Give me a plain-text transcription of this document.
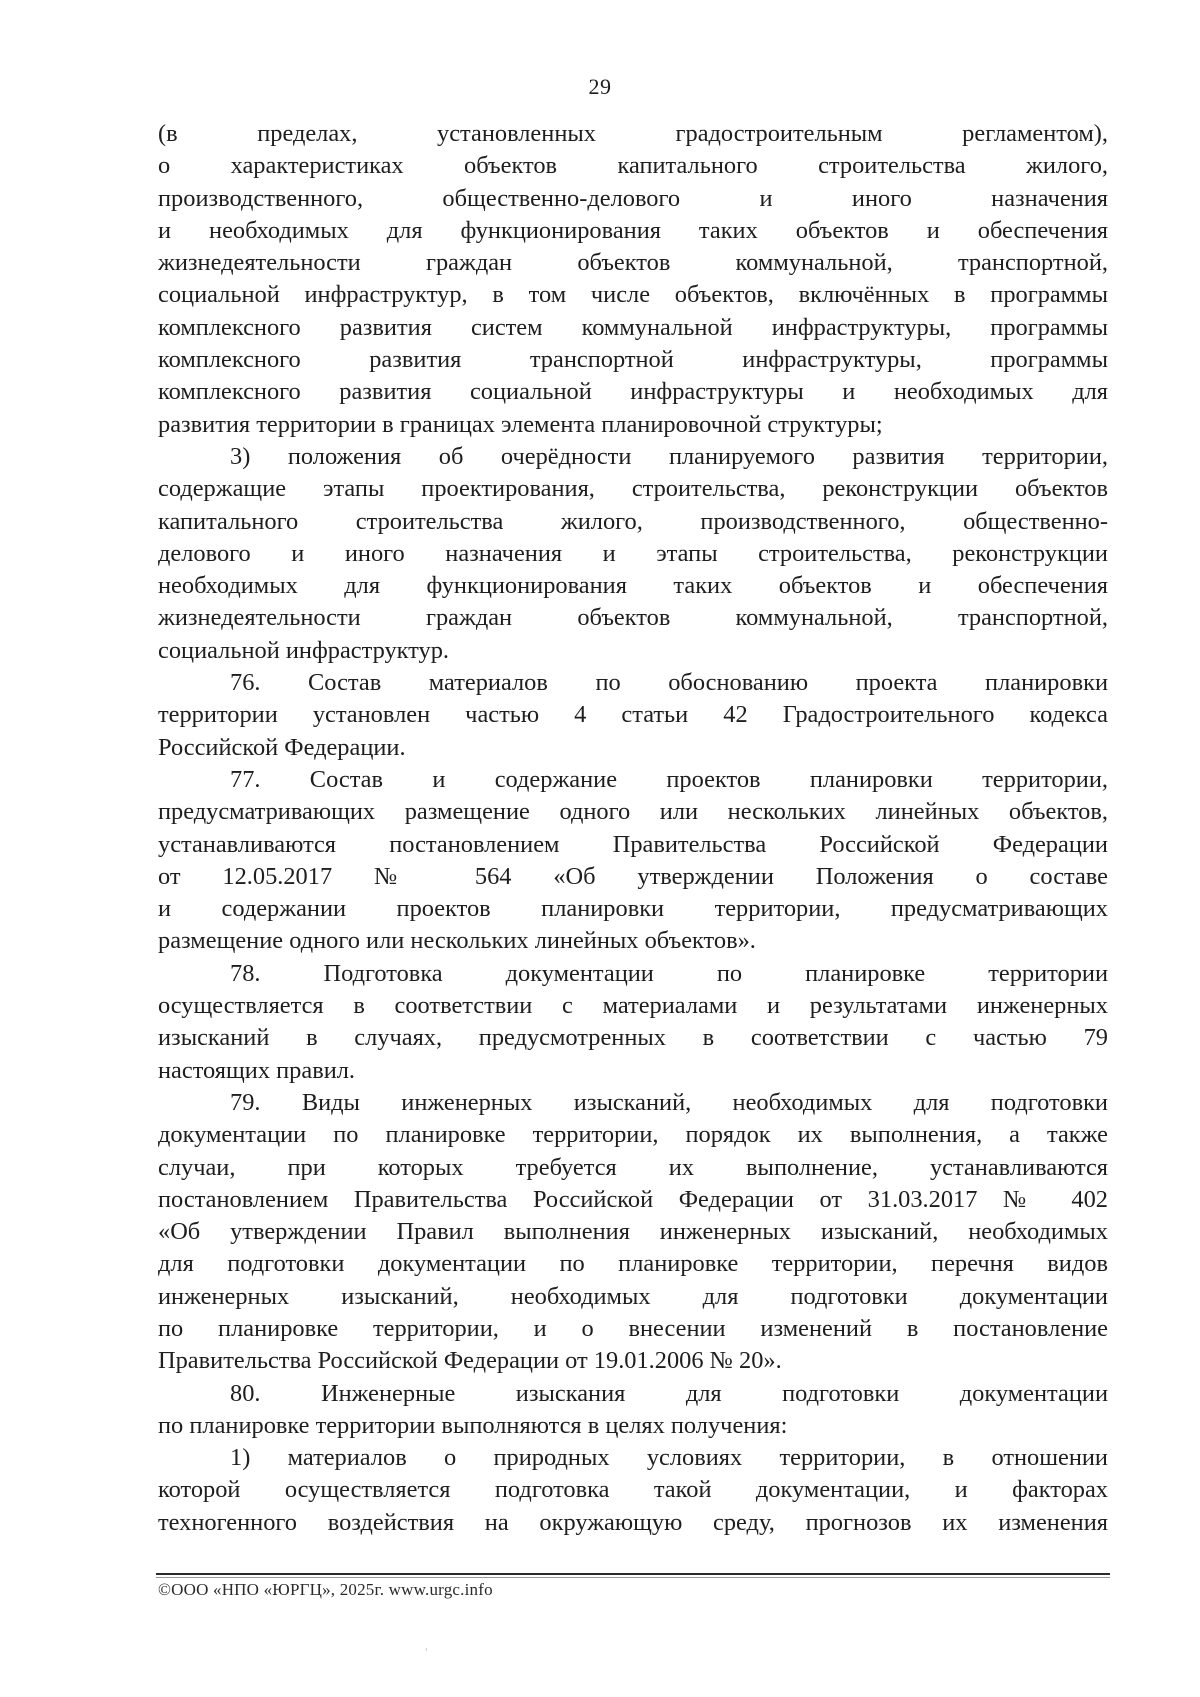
29
(в пределах, установленных градостроительным регламентом),
о характеристиках объектов капитального строительства жилого,
производственного, общественно-делового и иного назначения
и необходимых для функционирования таких объектов и обеспечения
жизнедеятельности граждан объектов коммунальной, транспортной,
социальной инфраструктур, в том числе объектов, включённых в программы
комплексного развития систем коммунальной инфраструктуры, программы
комплексного развития транспортной инфраструктуры, программы
комплексного развития социальной инфраструктуры и необходимых для
развития территории в границах элемента планировочной структуры;
3) положения об очерёдности планируемого развития территории,
содержащие этапы проектирования, строительства, реконструкции объектов
капитального строительства жилого, производственного, общественно-
делового и иного назначения и этапы строительства, реконструкции
необходимых для функционирования таких объектов и обеспечения
жизнедеятельности граждан объектов коммунальной, транспортной,
социальной инфраструктур.
76. Состав материалов по обоснованию проекта планировки
территории установлен частью 4 статьи 42 Градостроительного кодекса
Российской Федерации.
77. Состав и содержание проектов планировки территории,
предусматривающих размещение одного или нескольких линейных объектов,
устанавливаются постановлением Правительства Российской Федерации
от 12.05.2017 № 564 «Об утверждении Положения о составе
и содержании проектов планировки территории, предусматривающих
размещение одного или нескольких линейных объектов».
78. Подготовка документации по планировке территории
осуществляется в соответствии с материалами и результатами инженерных
изысканий в случаях, предусмотренных в соответствии с частью 79
настоящих правил.
79. Виды инженерных изысканий, необходимых для подготовки
документации по планировке территории, порядок их выполнения, а также
случаи, при которых требуется их выполнение, устанавливаются
постановлением Правительства Российской Федерации от 31.03.2017 № 402
«Об утверждении Правил выполнения инженерных изысканий, необходимых
для подготовки документации по планировке территории, перечня видов
инженерных изысканий, необходимых для подготовки документации
по планировке территории, и о внесении изменений в постановление
Правительства Российской Федерации от 19.01.2006 № 20».
80. Инженерные изыскания для подготовки документации
по планировке территории выполняются в целях получения:
1) материалов о природных условиях территории, в отношении
которой осуществляется подготовка такой документации, и факторах
техногенного воздействия на окружающую среду, прогнозов их изменения
©ООО «НПО «ЮРГЦ», 2025г. www.urgc.info
